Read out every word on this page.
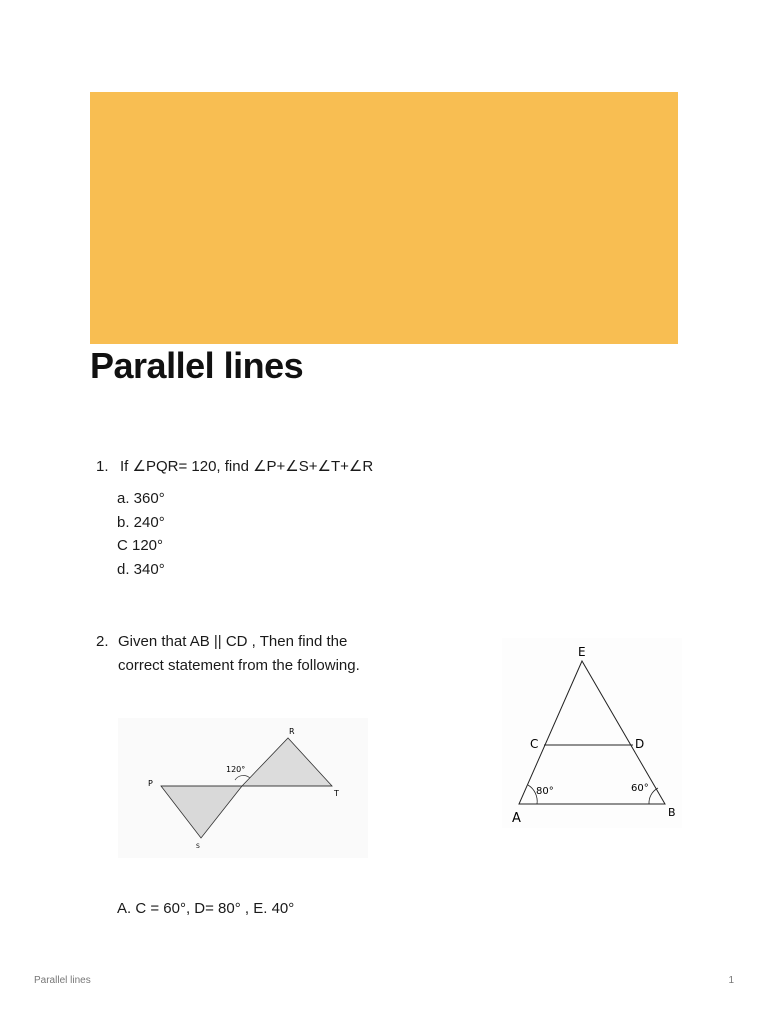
Parallel lines
1. If ∠PQR= 120, find ∠P+∠S+∠T+∠R
a. 360°
b. 240°
C 120°
d. 340°
2. Given that AB || CD , Then find the correct statement from the following.
P
R
T
S
120°
E
C	D
A	B
80°	60°
A. C = 60°, D= 80° , E. 40°
Parallel lines	1
